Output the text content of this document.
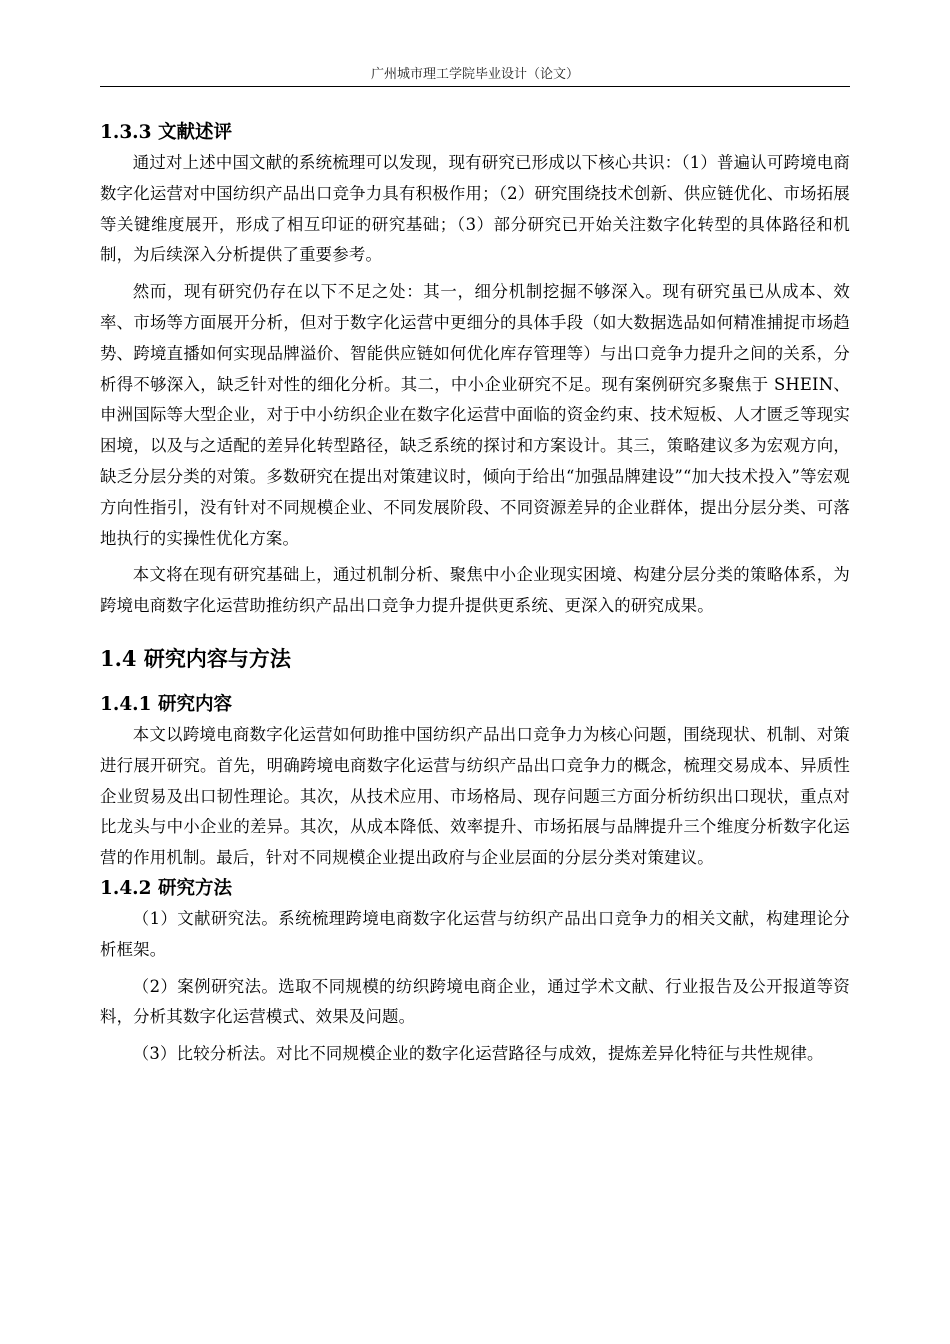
广州城市理工学院毕业设计（论文）
1.3.3 文献述评

通过对上述中国文献的系统梳理可以发现，现有研究已形成以下核心共识：（1）普遍认可跨境电商数字化运营对中国纺织产品出口竞争力具有积极作用；（2）研究围绕技术创新、供应链优化、市场拓展等关键维度展开，形成了相互印证的研究基础；（3）部分研究已开始关注数字化转型的具体路径和机制，为后续深入分析提供了重要参考。

然而，现有研究仍存在以下不足之处：其一，细分机制挖掘不够深入。现有研究虽已从成本、效率、市场等方面展开分析，但对于数字化运营中更细分的具体手段（如大数据选品如何精准捕捉市场趋势、跨境直播如何实现品牌溢价、智能供应链如何优化库存管理等）与出口竞争力提升之间的关系，分析得不够深入，缺乏针对性的细化分析。其二，中小企业研究不足。现有案例研究多聚焦于 SHEIN、申洲国际等大型企业，对于中小纺织企业在数字化运营中面临的资金约束、技术短板、人才匮乏等现实困境，以及与之适配的差异化转型路径，缺乏系统的探讨和方案设计。其三，策略建议多为宏观方向，缺乏分层分类的对策。多数研究在提出对策建议时，倾向于给出“加强品牌建设”“加大技术投入”等宏观方向性指引，没有针对不同规模企业、不同发展阶段、不同资源差异的企业群体，提出分层分类、可落地执行的实操性优化方案。

本文将在现有研究基础上，通过机制分析、聚焦中小企业现实困境、构建分层分类的策略体系，为跨境电商数字化运营助推纺织产品出口竞争力提升提供更系统、更深入的研究成果。

1.4 研究内容与方法
1.4.1 研究内容

本文以跨境电商数字化运营如何助推中国纺织产品出口竞争力为核心问题，围绕现状、机制、对策进行展开研究。首先，明确跨境电商数字化运营与纺织产品出口竞争力的概念，梳理交易成本、异质性企业贸易及出口韧性理论。其次，从技术应用、市场格局、现存问题三方面分析纺织出口现状，重点对比龙头与中小企业的差异。其次，从成本降低、效率提升、市场拓展与品牌提升三个维度分析数字化运营的作用机制。最后，针对不同规模企业提出政府与企业层面的分层分类对策建议。

1.4.2 研究方法

（1）文献研究法。系统梳理跨境电商数字化运营与纺织产品出口竞争力的相关文献，构建理论分析框架。

（2）案例研究法。选取不同规模的纺织跨境电商企业，通过学术文献、行业报告及公开报道等资料，分析其数字化运营模式、效果及问题。

（3）比较分析法。对比不同规模企业的数字化运营路径与成效，提炼差异化特征与共性规律。
